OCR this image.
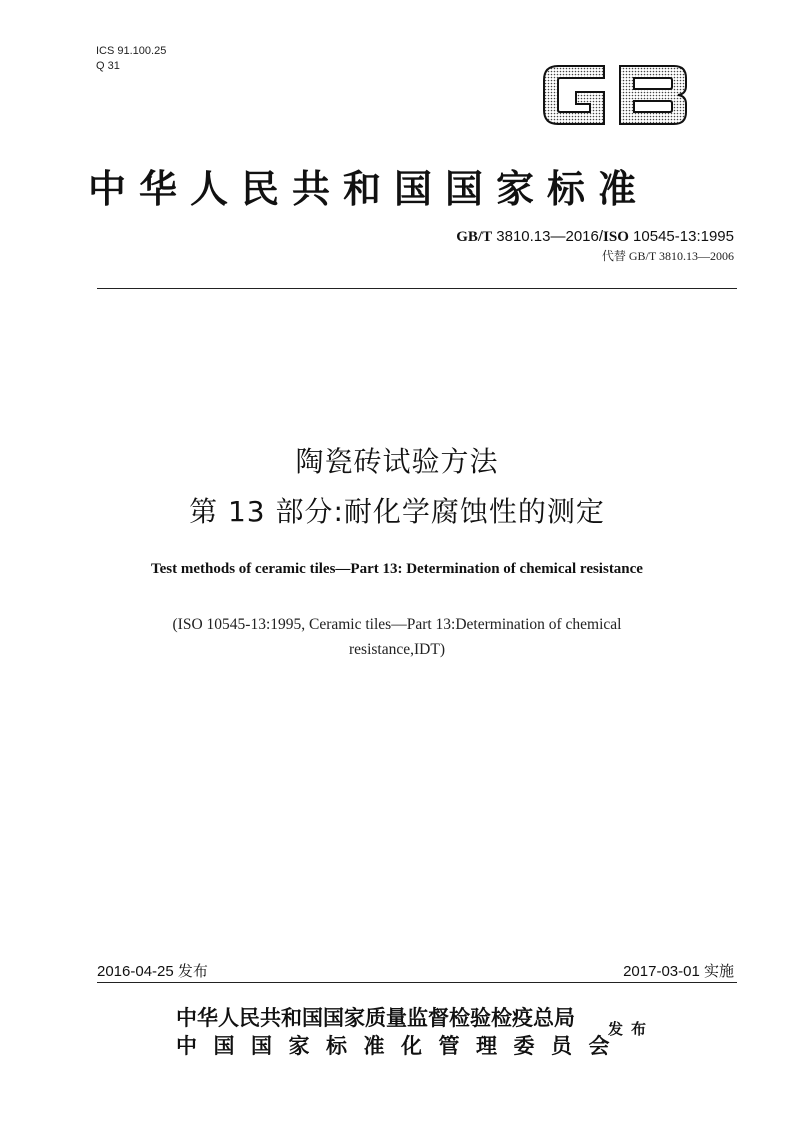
ICS 91.100.25
Q 31
中华人民共和国国家标准
GB/T 3810.13—2016/ISO 10545-13:1995
代替 GB/T 3810.13—2006
陶瓷砖试验方法
第 13 部分:耐化学腐蚀性的测定
Test methods of ceramic tiles—Part 13: Determination of chemical resistance
(ISO 10545-13:1995, Ceramic tiles—Part 13:Determination of chemical
resistance,IDT)
2016-04-25 发布	2017-03-01 实施
中华人民共和国国家质量监督检验检疫总局
中国国家标准化管理委员会
发布
